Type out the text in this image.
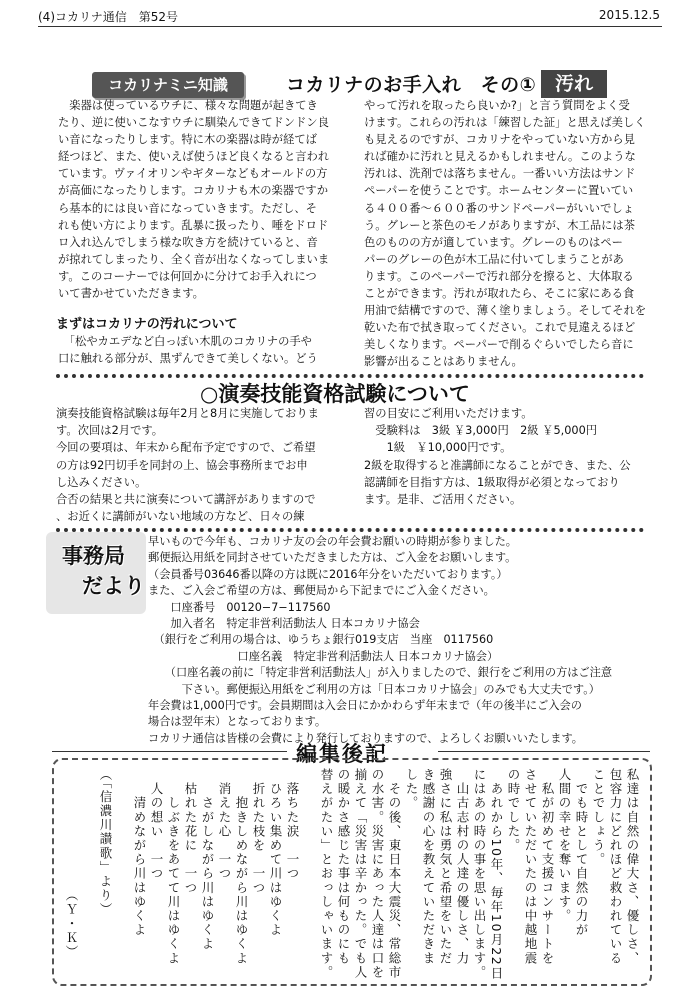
(4)コカリナ通信　第52号	2015.12.5
コカリナミニ知識	コカリナのお手入れ　その① 汚れ

　楽器は使っているウチに、様々な問題が起きてき

たり、逆に使いこなすウチに馴染んできてドンドン良

い音になったりします。特に木の楽器は時が経てば

経つほど、また、使いえば使うほど良くなると言われ

ています。ヴァイオリンやギターなどもオールドの方

が高価になったりします。コカリナも木の楽器ですか

ら基本的には良い音になっていきます。ただし、そ

れも使い方によります。乱暴に扱ったり、唾をドロド

ロ入れ込んでしまう様な吹き方を続けていると、音

が掠れてしまったり、全く音が出なくなってしまいま

す。このコーナーでは何回かに分けてお手入れにつ

いて書かせていただきます。

まずはコカリナの汚れについて

　「松やカエデなど白っぽい木肌のコカリナの手や

口に触れる部分が、黒ずんできて美しくない。どう

やって汚れを取ったら良いか?」と言う質問をよく受

けます。これらの汚れは「練習した証」と思えば美しく

も見えるのですが、コカリナをやっていない方から見

れば確かに汚れと見えるかもしれません。このような

汚れは、洗剤では落ちません。一番いい方法はサンド

ペーパーを使うことです。ホームセンターに置いてい

る４００番～６００番のサンドペーパーがいいでしょ

う。グレーと茶色のモノがありますが、木工品には茶

色のものの方が適しています。グレーのものはペー

パーのグレーの色が木工品に付いてしまうことがあ

ります。このペーパーで汚れ部分を擦ると、大体取る

ことができます。汚れが取れたら、そこに家にある食

用油で結構ですので、薄く塗りましょう。そしてそれを

乾いた布で拭き取ってください。これで見違えるほど

美しくなります。ペーパーで削るぐらいでしたら音に

影響が出ることはありません。

○演奏技能資格試験について

演奏技能資格試験は毎年2月と8月に実施しておりま

す。次回は2月です。

今回の要項は、年末から配布予定ですので、ご希望

の方は92円切手を同封の上、協会事務所までお申

し込みください。

合否の結果と共に演奏について講評がありますので

、お近くに講師がいない地域の方など、日々の練

習の目安にご利用いただけます。

　受験料は　3級 ￥3,000円　2級 ￥5,000円

　　1級　￥10,000円です。

2級を取得すると准講師になることができ、また、公

認講師を目指す方は、1級取得が必須となっており

ます。是非、ご活用ください。

事務局
だより

早いもので今年も、コカリナ友の会の年会費お願いの時期が参りました。

郵便振込用紙を同封させていただきました方は、ご入金をお願いします。

（会員番号03646番以降の方は既に2016年分をいただいております。）

また、ご入会ご希望の方は、郵便局から下記までにご入金ください。

　　口座番号　00120−7−117560

　　加入者名　特定非営利活動法人 日本コカリナ協会

　（銀行をご利用の場合は、ゆうちょ銀行019支店　当座　0117560

　　　　　　　　口座名義　特定非営利活動法人 日本コカリナ協会）

　　（口座名義の前に「特定非営利活動法人」が入りましたので、銀行をご利用の方はご注意

　　　下さい。郵便振込用紙をご利用の方は「日本コカリナ協会」のみでも大丈夫です。）

年会費は1,000円です。会員期間は入会日にかかわらず年末まで（年の後半にご入会の

場合は翌年末）となっております。

コカリナ通信は皆様の会費により発行しておりますので、よろしくお願いいたします。

編集後記
私達は自然の偉大さ、優しさ、
包容力にどれほど救われている
ことでしょう。
　でも時として自然の力が
人間の幸せを奪います。
　私が初めて支援コンサートを
させていただいたのは中越地震
の時でした。
　あれから10年、毎年10月22日
にはあの時の事を思い出します。
　山古志村の人達の優しさ、力
強さに私は勇気と希望をいただ
き感謝の心を教えていただきま
した。
　その後、東日本大震災、常総市
の水害。災害にあった人達は口を
揃えて「災害は辛かった。でも人
の暖かさ感じた事は何ものにも
替えがたい」とおっしゃいます。
　落ちた涙　一つ
　ひろい集めて川はゆくよ
　折れた枝を　一つ
　　抱きしめながら川はゆくよ
　消えた心　一つ
　　さがしながら川はゆくよ
　枯れた花に　一つ
　　しぶきをあてて川はゆくよ
　人の想い　一つ
　　清めながら川はゆくよ
（「信濃川讃歌」より）
　　　　　　　　　（Ｙ・Ｋ）
